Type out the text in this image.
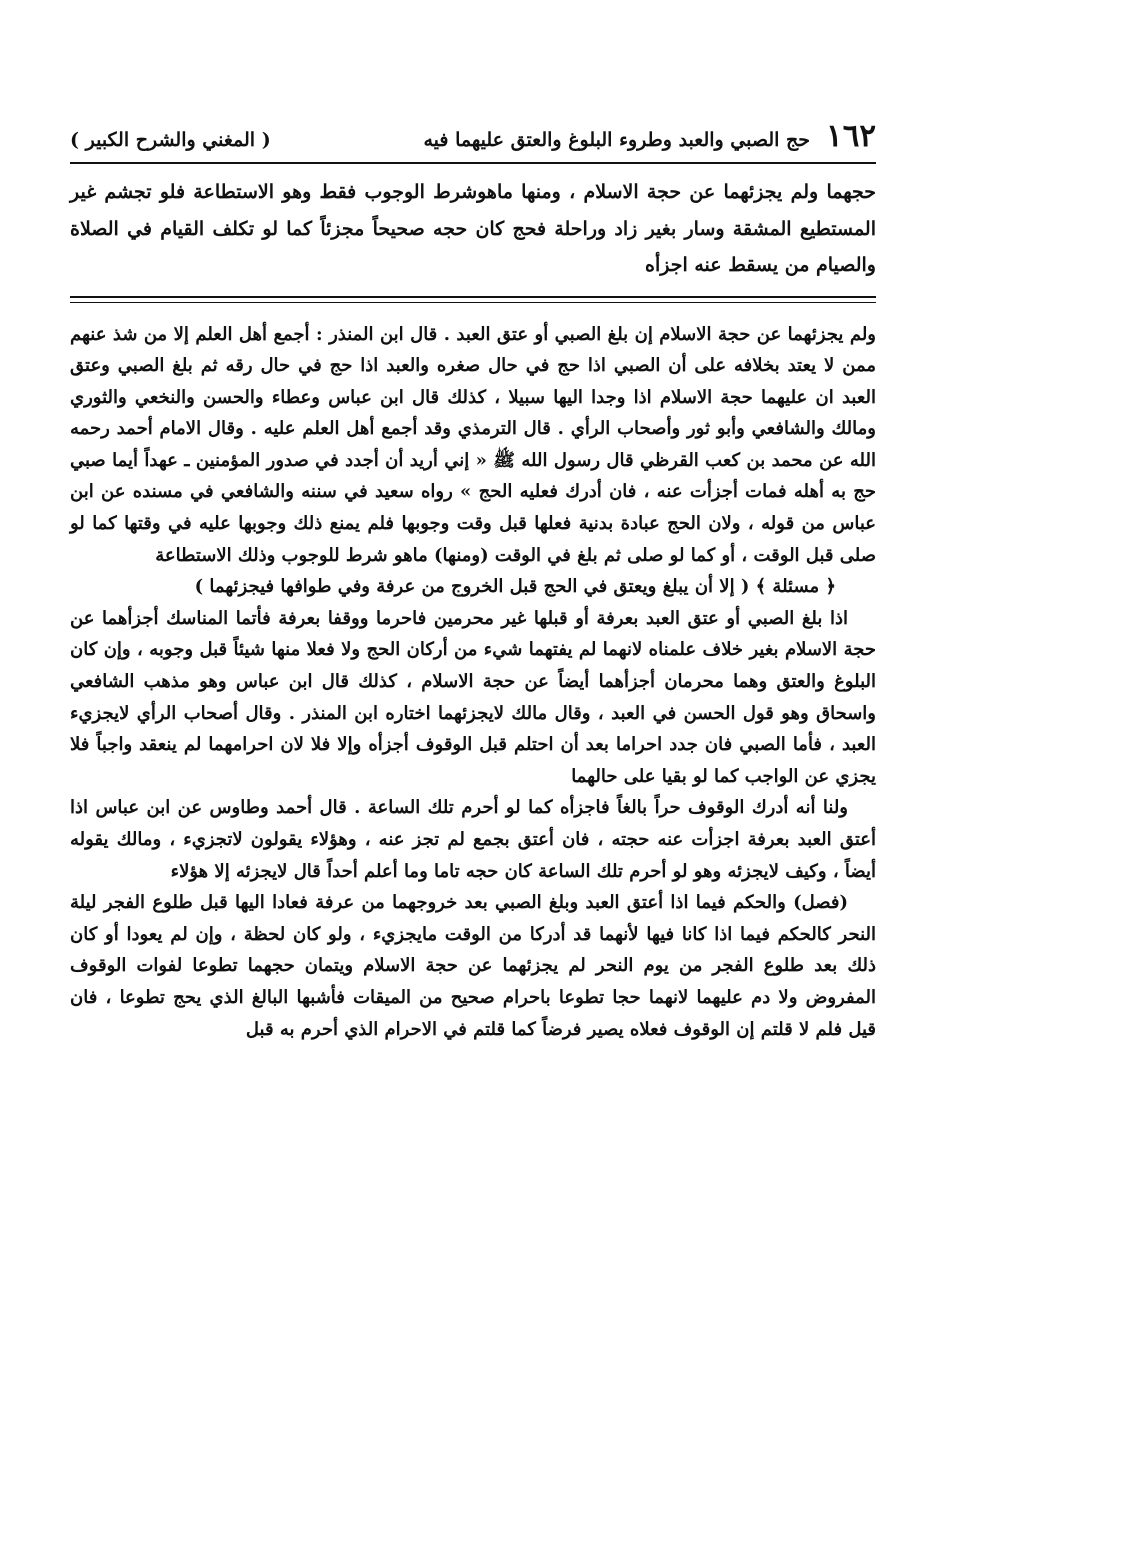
١٦٢
حج الصبي والعبد وطروء البلوغ والعتق عليهما فيه
( المغني والشرح الكبير )

حجهما ولم يجزئهما عن حجة الاسلام ، ومنها ماهوشرط الوجوب فقط وهو الاستطاعة فلو تجشم غير المستطيع المشقة وسار بغير زاد وراحلة فحج كان حجه صحيحاً مجزئاً كما لو تكلف القيام في الصلاة والصيام من يسقط عنه اجزأه

ولم يجزئهما عن حجة الاسلام إن بلغ الصبي أو عتق العبد . قال ابن المنذر : أجمع أهل العلم إلا من شذ عنهم ممن لا يعتد بخلافه على أن الصبي اذا حج في حال صغره والعبد اذا حج في حال رقه ثم بلغ الصبي وعتق العبد ان عليهما حجة الاسلام اذا وجدا اليها سبيلا ، كذلك قال ابن عباس وعطاء والحسن والنخعي والثوري ومالك والشافعي وأبو ثور وأصحاب الرأي . قال الترمذي وقد أجمع أهل العلم عليه . وقال الامام أحمد رحمه الله عن محمد بن كعب القرظي قال رسول الله ﷺ « إني أريد أن أجدد في صدور المؤمنين ـ عهداً أيما صبي حج به أهله فمات أجزأت عنه ، فان أدرك فعليه الحج » رواه سعيد في سننه والشافعي في مسنده عن ابن عباس من قوله ، ولان الحج عبادة بدنية فعلها قبل وقت وجوبها فلم يمنع ذلك وجوبها عليه في وقتها كما لو صلى قبل الوقت ، أو كما لو صلى ثم بلغ في الوقت (ومنها) ماهو شرط للوجوب وذلك الاستطاعة

﴿ مسئلة ﴾ ( إلا أن يبلغ ويعتق في الحج قبل الخروج من عرفة وفي طوافها فيجزئهما )

اذا بلغ الصبي أو عتق العبد بعرفة أو قبلها غير محرمين فاحرما ووقفا بعرفة فأتما المناسك أجزأهما عن حجة الاسلام بغير خلاف علمناه لانهما لم يفتهما شيء من أركان الحج ولا فعلا منها شيئاً قبل وجوبه ، وإن كان البلوغ والعتق وهما محرمان أجزأهما أيضاً عن حجة الاسلام ، كذلك قال ابن عباس وهو مذهب الشافعي واسحاق وهو قول الحسن في العبد ، وقال مالك لايجزئهما اختاره ابن المنذر . وقال أصحاب الرأي لايجزيء العبد ، فأما الصبي فان جدد احراما بعد أن احتلم قبل الوقوف أجزأه وإلا فلا لان احرامهما لم ينعقد واجباً فلا يجزي عن الواجب كما لو بقيا على حالهما

ولنا أنه أدرك الوقوف حراً بالغاً فاجزأه كما لو أحرم تلك الساعة . قال أحمد وطاوس عن ابن عباس اذا أعتق العبد بعرفة اجزأت عنه حجته ، فان أعتق بجمع لم تجز عنه ، وهؤلاء يقولون لاتجزيء ، ومالك يقوله أيضاً ، وكيف لايجزئه وهو لو أحرم تلك الساعة كان حجه تاما وما أعلم أحداً قال لايجزئه إلا هؤلاء

(فصل) والحكم فيما اذا أعتق العبد وبلغ الصبي بعد خروجهما من عرفة فعادا اليها قبل طلوع الفجر ليلة النحر كالحكم فيما اذا كانا فيها لأنهما قد أدركا من الوقت مايجزيء ، ولو كان لحظة ، وإن لم يعودا أو كان ذلك بعد طلوع الفجر من يوم النحر لم يجزئهما عن حجة الاسلام ويتمان حجهما تطوعا لفوات الوقوف المفروض ولا دم عليهما لانهما حجا تطوعا باحرام صحيح من الميقات فأشبها البالغ الذي يحج تطوعا ، فان قيل فلم لا قلتم إن الوقوف فعلاه يصير فرضاً كما قلتم في الاحرام الذي أحرم به قبل
